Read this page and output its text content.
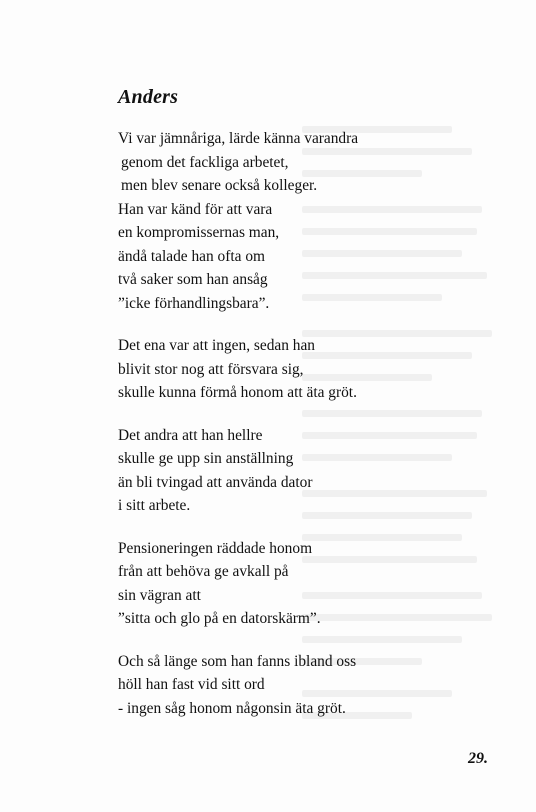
Anders

Vi var jämnåriga, lärde känna varandra
genom det fackliga arbetet,
men blev senare också kolleger.
Han var känd för att vara
en kompromissernas man,
ändå talade han ofta om
två saker som han ansåg
”icke förhandlingsbara”.

Det ena var att ingen, sedan han
blivit stor nog att försvara sig,
skulle kunna förmå honom att äta gröt.

Det andra att han hellre
skulle ge upp sin anställning
än bli tvingad att använda dator
i sitt arbete.

Pensioneringen räddade honom
från att behöva ge avkall på
sin vägran att
”sitta och glo på en datorskärm”.

Och så länge som han fanns ibland oss
höll han fast vid sitt ord
- ingen såg honom någonsin äta gröt.

29.
